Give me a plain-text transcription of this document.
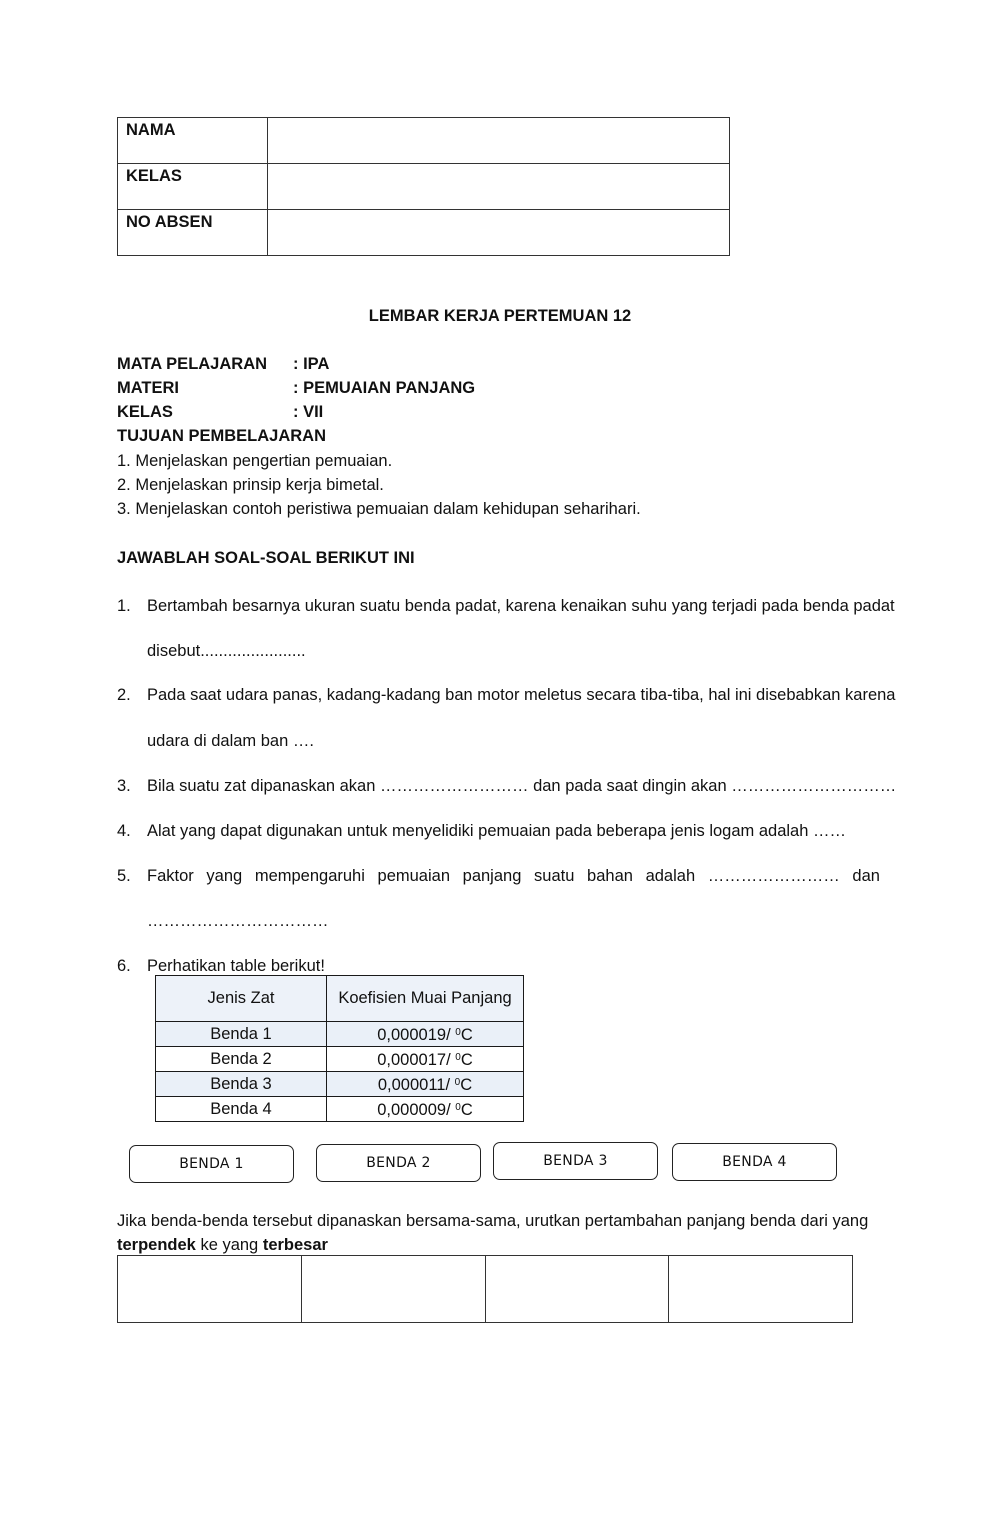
NAMA	
KELAS	
NO ABSEN	
LEMBAR KERJA PERTEMUAN 12
MATA PELAJARAN : IPA
MATERI	: PEMUAIAN PANJANG
KELAS	: VII
TUJUAN PEMBELAJARAN
1. Menjelaskan pengertian pemuaian.
2. Menjelaskan prinsip kerja bimetal.
3. Menjelaskan contoh peristiwa pemuaian dalam kehidupan seharihari.
JAWABLAH SOAL-SOAL BERIKUT INI
1. Bertambah besarnya ukuran suatu benda padat, karena kenaikan suhu yang terjadi pada benda padat
disebut.......................
2. Pada saat udara panas, kadang-kadang ban motor meletus secara tiba-tiba, hal ini disebabkan karena
udara di dalam ban ….
3. Bila suatu zat dipanaskan akan ……………………… dan pada saat dingin akan …………………………
4. Alat yang dapat digunakan untuk menyelidiki pemuaian pada beberapa jenis logam adalah ……
5. Faktor yang mempengaruhi pemuaian panjang suatu bahan adalah …………………… dan
……………………………
6. Perhatikan table berikut!
Jenis Zat	Koefisien Muai Panjang
Benda 1	0,000019/ $^0$C
Benda 2	0,000017/ $^0$C
Benda 3	0,000011/ $^0$C
Benda 4	0,000009/ $^0$C
BENDA 1	BENDA 2	BENDA 3	BENDA 4
Jika benda-benda tersebut dipanaskan bersama-sama, urutkan pertambahan panjang benda dari yang
terpendek ke yang terbesar
